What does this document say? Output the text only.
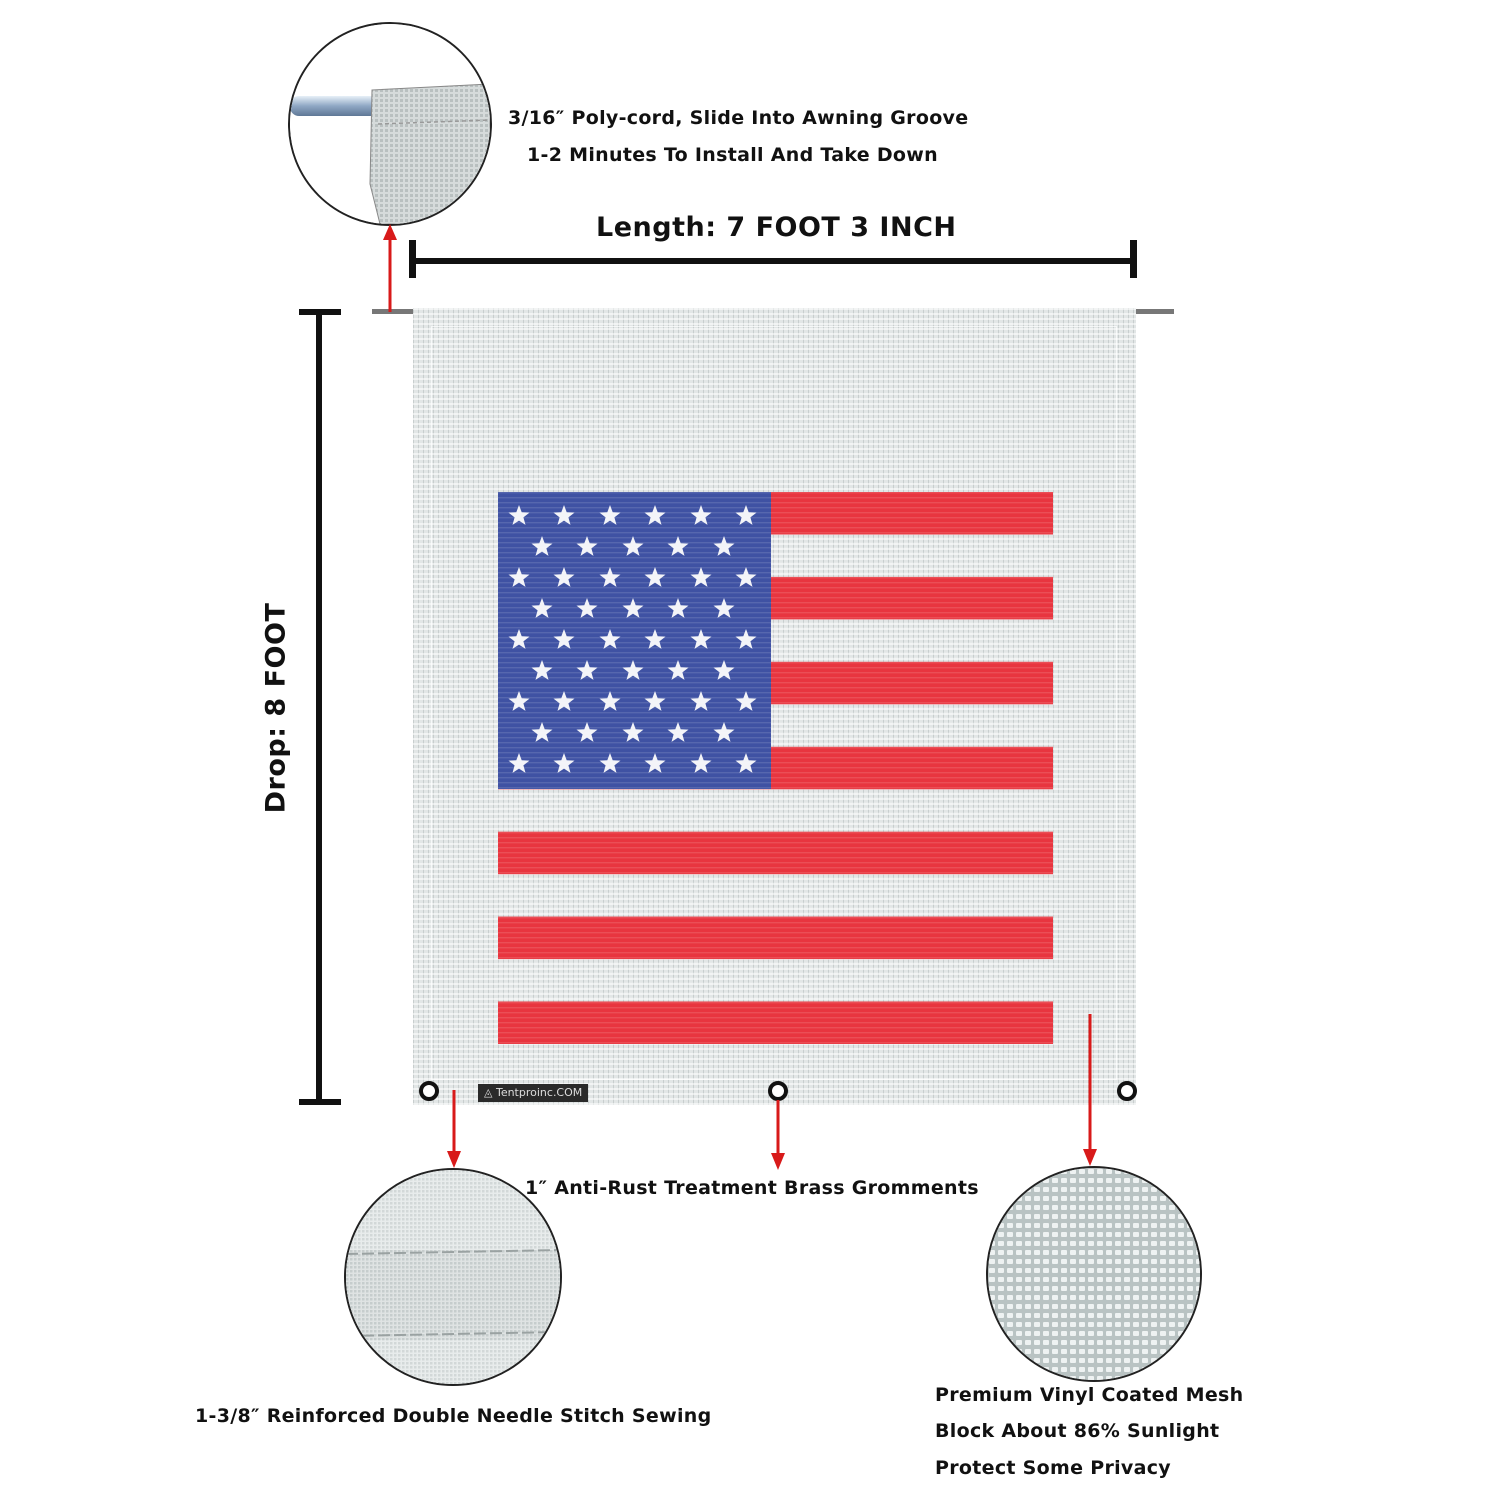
3/16″ Poly-cord, Slide Into Awning Groove
1-2 Minutes To Install And Take Down
Length: 7 FOOT 3 INCH
Drop: 8 FOOT
◬ Tentproinc.COM
1″ Anti-Rust Treatment Brass Gromments
1-3/8″ Reinforced Double Needle Stitch Sewing
Premium Vinyl Coated Mesh
Block About 86% Sunlight
Protect Some Privacy
